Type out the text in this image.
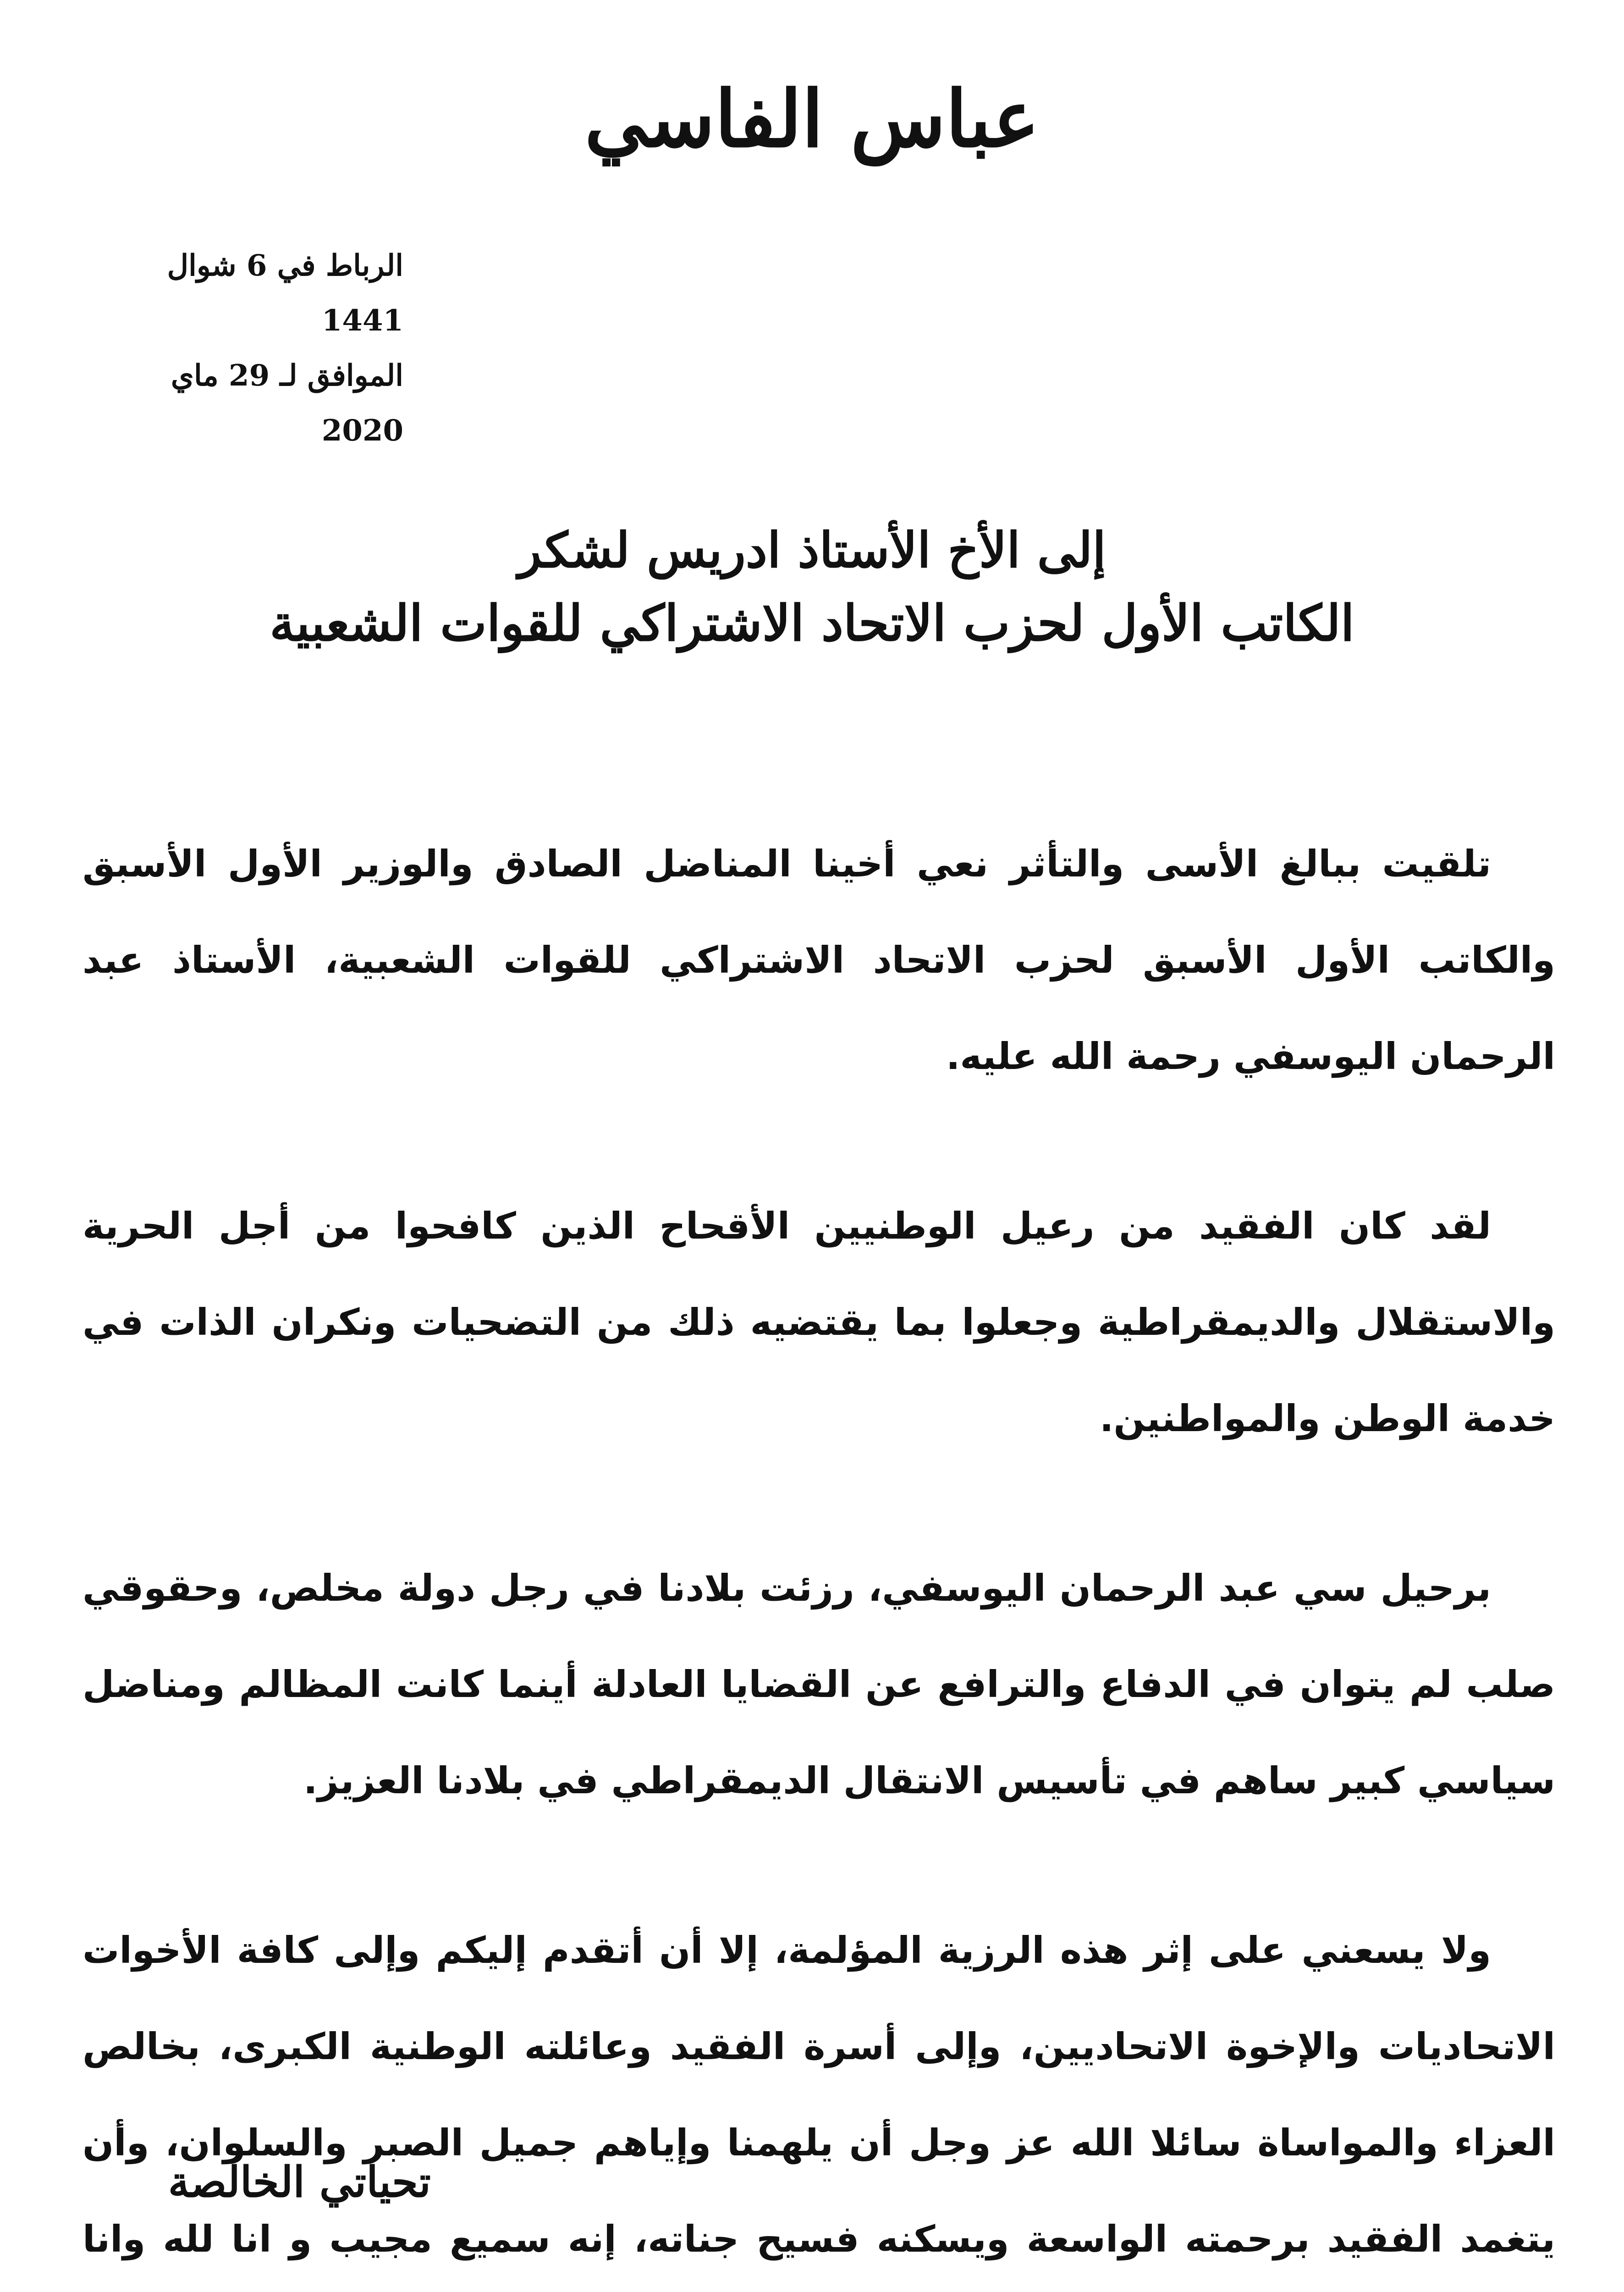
عباس الفاسي
الرباط في 6 شوال 1441
الموافق لـ 29 ماي 2020
إلى الأخ الأستاذ ادريس لشكر
الكاتب الأول لحزب الاتحاد الاشتراكي للقوات الشعبية

تلقيت ببالغ الأسى والتأثر نعي أخينا المناضل الصادق والوزير الأول الأسبق والكاتب الأول الأسبق لحزب الاتحاد الاشتراكي للقوات الشعبية، الأستاذ عبد الرحمان اليوسفي رحمة الله عليه.

لقد كان الفقيد من رعيل الوطنيين الأقحاح الذين كافحوا من أجل الحرية والاستقلال والديمقراطية وجعلوا بما يقتضيه ذلك من التضحيات ونكران الذات في خدمة الوطن والمواطنين.

برحيل سي عبد الرحمان اليوسفي، رزئت بلادنا في رجل دولة مخلص، وحقوقي صلب لم يتوان في الدفاع والترافع عن القضايا العادلة أينما كانت المظالم ومناضل سياسي كبير ساهم في تأسيس الانتقال الديمقراطي في بلادنا العزيز.

ولا يسعني على إثر هذه الرزية المؤلمة، إلا أن أتقدم إليكم وإلى كافة الأخوات الاتحاديات والإخوة الاتحاديين، وإلى أسرة الفقيد وعائلته الوطنية الكبرى، بخالص العزاء والمواساة سائلا الله عز وجل أن يلهمنا وإياهم جميل الصبر والسلوان، وأن يتغمد الفقيد برحمته الواسعة ويسكنه فسيح جناته، إنه سميع مجيب و انا لله وانا

تحياتي الخالصة
